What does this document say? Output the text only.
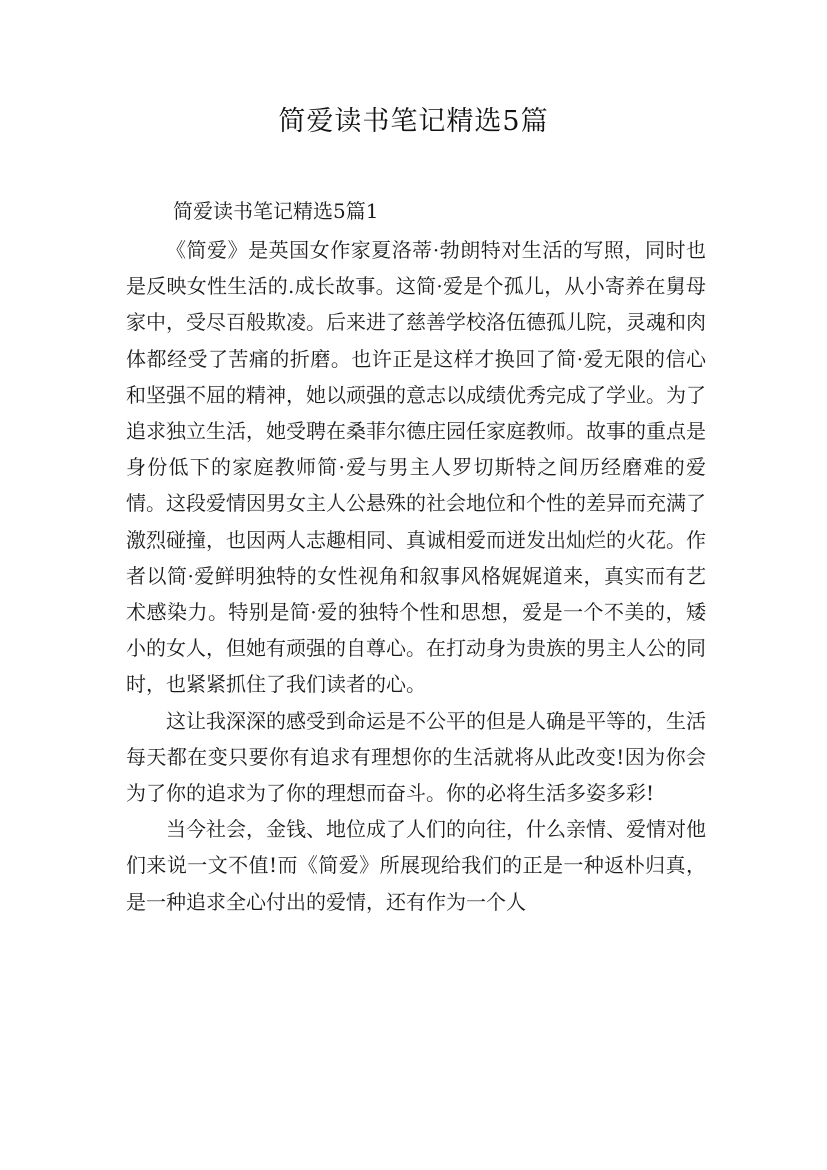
简爱读书笔记精选5篇
简爱读书笔记精选5篇1

《简爱》是英国女作家夏洛蒂·勃朗特对生活的写照，同时也是反映女性生活的.成长故事。这简·爱是个孤儿，从小寄养在舅母家中，受尽百般欺凌。后来进了慈善学校洛伍德孤儿院，灵魂和肉体都经受了苦痛的折磨。也许正是这样才换回了简·爱无限的信心和坚强不屈的精神，她以顽强的意志以成绩优秀完成了学业。为了追求独立生活，她受聘在桑菲尔德庄园任家庭教师。故事的重点是身份低下的家庭教师简·爱与男主人罗切斯特之间历经磨难的爱情。这段爱情因男女主人公悬殊的社会地位和个性的差异而充满了激烈碰撞，也因两人志趣相同、真诚相爱而迸发出灿烂的火花。作者以简·爱鲜明独特的女性视角和叙事风格娓娓道来，真实而有艺术感染力。特别是简·爱的独特个性和思想，爱是一个不美的，矮小的女人，但她有顽强的自尊心。在打动身为贵族的男主人公的同时，也紧紧抓住了我们读者的心。

这让我深深的感受到命运是不公平的但是人确是平等的，生活每天都在变只要你有追求有理想你的生活就将从此改变!因为你会为了你的追求为了你的理想而奋斗。你的必将生活多姿多彩!

当今社会，金钱、地位成了人们的向往，什么亲情、爱情对他们来说一文不值!而《简爱》所展现给我们的正是一种返朴归真，是一种追求全心付出的爱情，还有作为一个人
